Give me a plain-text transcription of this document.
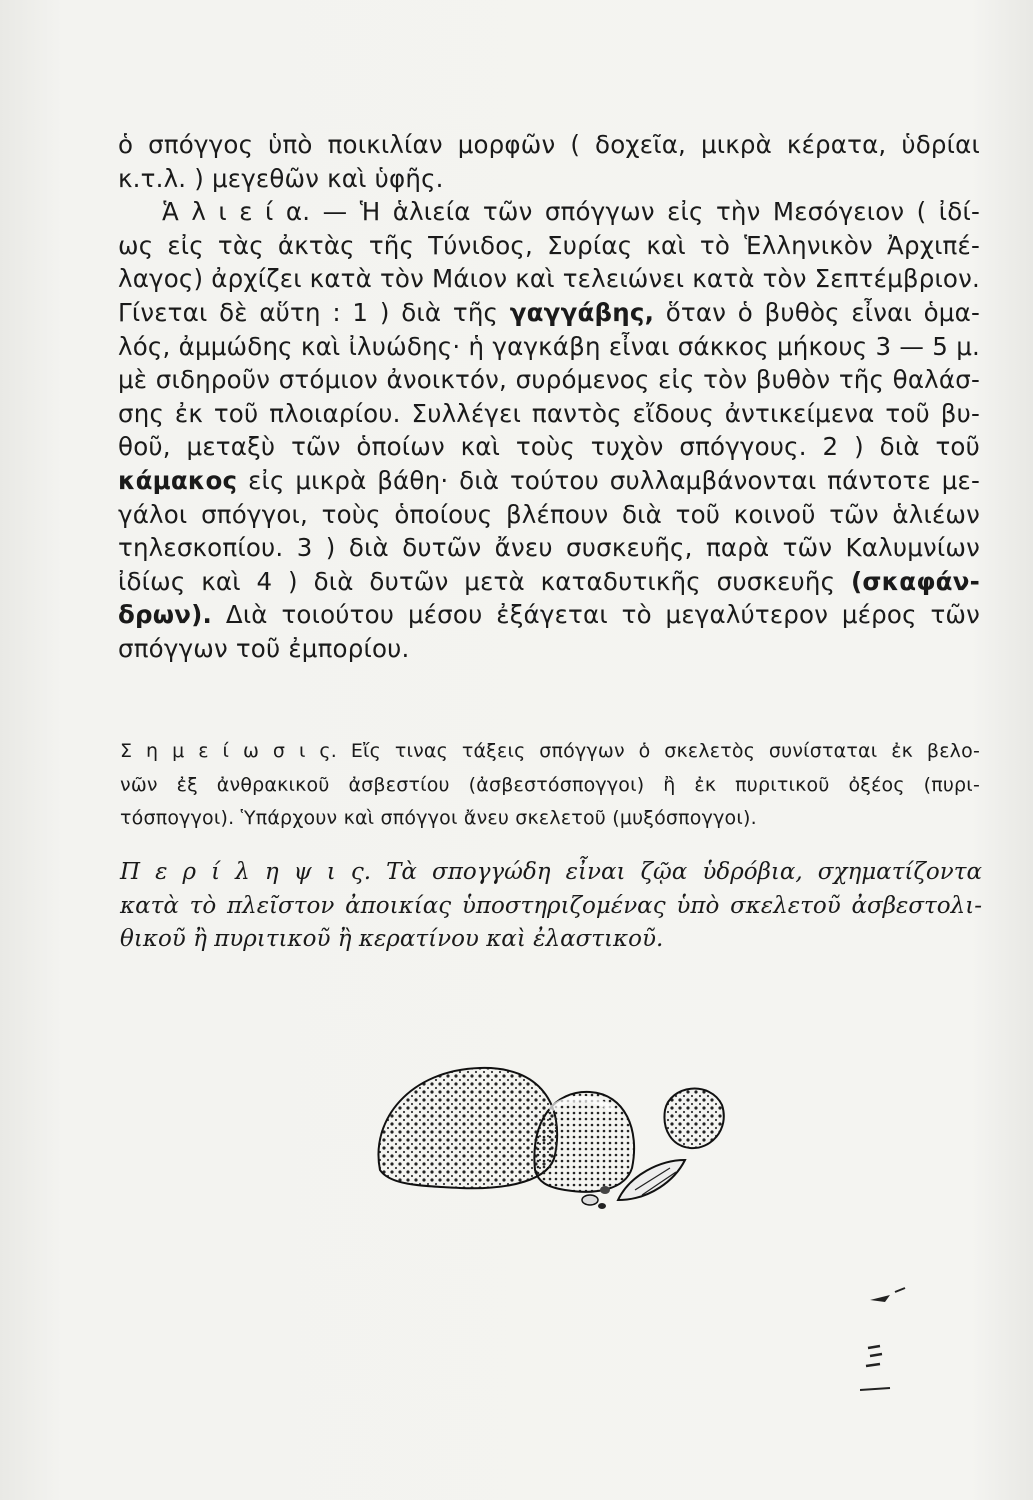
ὁ σπόγγος ὑπὸ ποικιλίαν μορφῶν ( δοχεῖα, μικρὰ κέρατα, ὑδρίαι
κ.τ.λ. ) μεγεθῶν καὶ ὑφῆς.
Ἁ λ ι ε ί α. — Ἡ ἁλιεία τῶν σπόγγων εἰς τὴν Μεσόγειον ( ἰδί-
ως εἰς τὰς ἀκτὰς τῆς Τύνιδος, Συρίας καὶ τὸ Ἑλληνικὸν Ἀρχιπέ-
λαγος) ἀρχίζει κατὰ τὸν Μάιον καὶ τελειώνει κατὰ τὸν Σεπτέμβριον.
Γίνεται δὲ αὕτη : 1 ) διὰ τῆς γαγγάβης, ὅταν ὁ βυθὸς εἶναι ὁμα-
λός, ἀμμώδης καὶ ἰλυώδης· ἡ γαγκάβη εἶναι σάκκος μήκους 3 — 5 μ.
μὲ σιδηροῦν στόμιον ἀνοικτόν, συρόμενος εἰς τὸν βυθὸν τῆς θαλάσ-
σης ἐκ τοῦ πλοιαρίου. Συλλέγει παντὸς εἴδους ἀντικείμενα τοῦ βυ-
θοῦ, μεταξὺ τῶν ὁποίων καὶ τοὺς τυχὸν σπόγγους. 2 ) διὰ τοῦ
κάμακος εἰς μικρὰ βάθη· διὰ τούτου συλλαμβάνονται πάντοτε με-
γάλοι σπόγγοι, τοὺς ὁποίους βλέπουν διὰ τοῦ κοινοῦ τῶν ἁλιέων
τηλεσκοπίου. 3 ) διὰ δυτῶν ἄνευ συσκευῆς, παρὰ τῶν Καλυμνίων
ἰδίως καὶ 4 ) διὰ δυτῶν μετὰ καταδυτικῆς συσκευῆς (σκαφάν-
δρων). Διὰ τοιούτου μέσου ἐξάγεται τὸ μεγαλύτερον μέρος τῶν
σπόγγων τοῦ ἐμπορίου.
Σ η μ ε ί ω σ ι ς. Εἴς τινας τάξεις σπόγγων ὁ σκελετὸς συνίσταται ἐκ βελο-
νῶν ἐξ ἀνθρακικοῦ ἀσβεστίου (ἀσβεστόσπογγοι) ἢ ἐκ πυριτικοῦ ὀξέος (πυρι-
τόσπογγοι). Ὑπάρχουν καὶ σπόγγοι ἄνευ σκελετοῦ (μυξόσπογγοι).
Π ε ρ ί λ η ψ ι ς. Τὰ σπογγώδη εἶναι ζῷα ὑδρόβια, σχηματίζοντα
κατὰ τὸ πλεῖστον ἀποικίας ὑποστηριζομένας ὑπὸ σκελετοῦ ἀσβεστολι-
θικοῦ ἢ πυριτικοῦ ἢ κερατίνου καὶ ἐλαστικοῦ.
